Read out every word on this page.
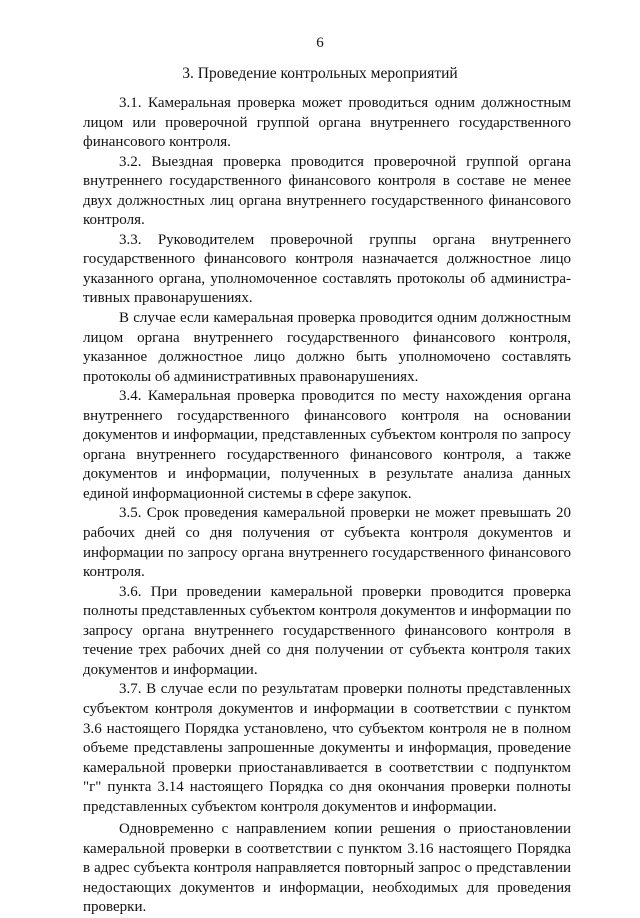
6
3. Проведение контрольных мероприятий

3.1. Камеральная проверка может проводиться одним должностным лицом или проверочной группой органа внутреннего государственного финансового контроля.

3.2. Выездная проверка проводится проверочной группой органа внутреннего государственного финансового контроля в составе не менее двух должностных лиц органа внутреннего государственного финансового контроля.

3.3. Руководителем проверочной группы органа внутреннего государственного финансового контроля назначается должностное лицо указанного органа, уполномоченное составлять протоколы об административных правонарушениях.

В случае если камеральная проверка проводится одним должностным лицом органа внутреннего государственного финансового контроля, указанное должностное лицо должно быть уполномочено составлять протоколы об административных правонарушениях.

3.4. Камеральная проверка проводится по месту нахождения органа внутреннего государственного финансового контроля на основании документов и информации, представленных субъектом контроля по запросу органа внутреннего государственного финансового контроля, а также документов и информации, полученных в результате анализа данных единой информационной системы в сфере закупок.

3.5. Срок проведения камеральной проверки не может превышать 20 рабочих дней со дня получения от субъекта контроля документов и информации по запросу органа внутреннего государственного финансового контроля.

3.6. При проведении камеральной проверки проводится проверка полноты представленных субъектом контроля документов и информации по запросу органа внутреннего государственного финансового контроля в течение трех рабочих дней со дня получении от субъекта контроля таких документов и информации.

3.7. В случае если по результатам проверки полноты представленных субъектом контроля документов и информации в соответствии с пунктом 3.6 настоящего Порядка установлено, что субъектом контроля не в полном объеме представлены запрошенные документы и информация, проведение камеральной проверки приостанавливается в соответствии с подпунктом "г" пункта 3.14 настоящего Порядка со дня окончания проверки полноты представленных субъектом контроля документов и информации.

Одновременно с направлением копии решения о приостановлении камеральной проверки в соответствии с пунктом 3.16 настоящего Порядка в адрес субъекта контроля направляется повторный запрос о представлении недостающих документов и информации, необходимых для проведения проверки.
